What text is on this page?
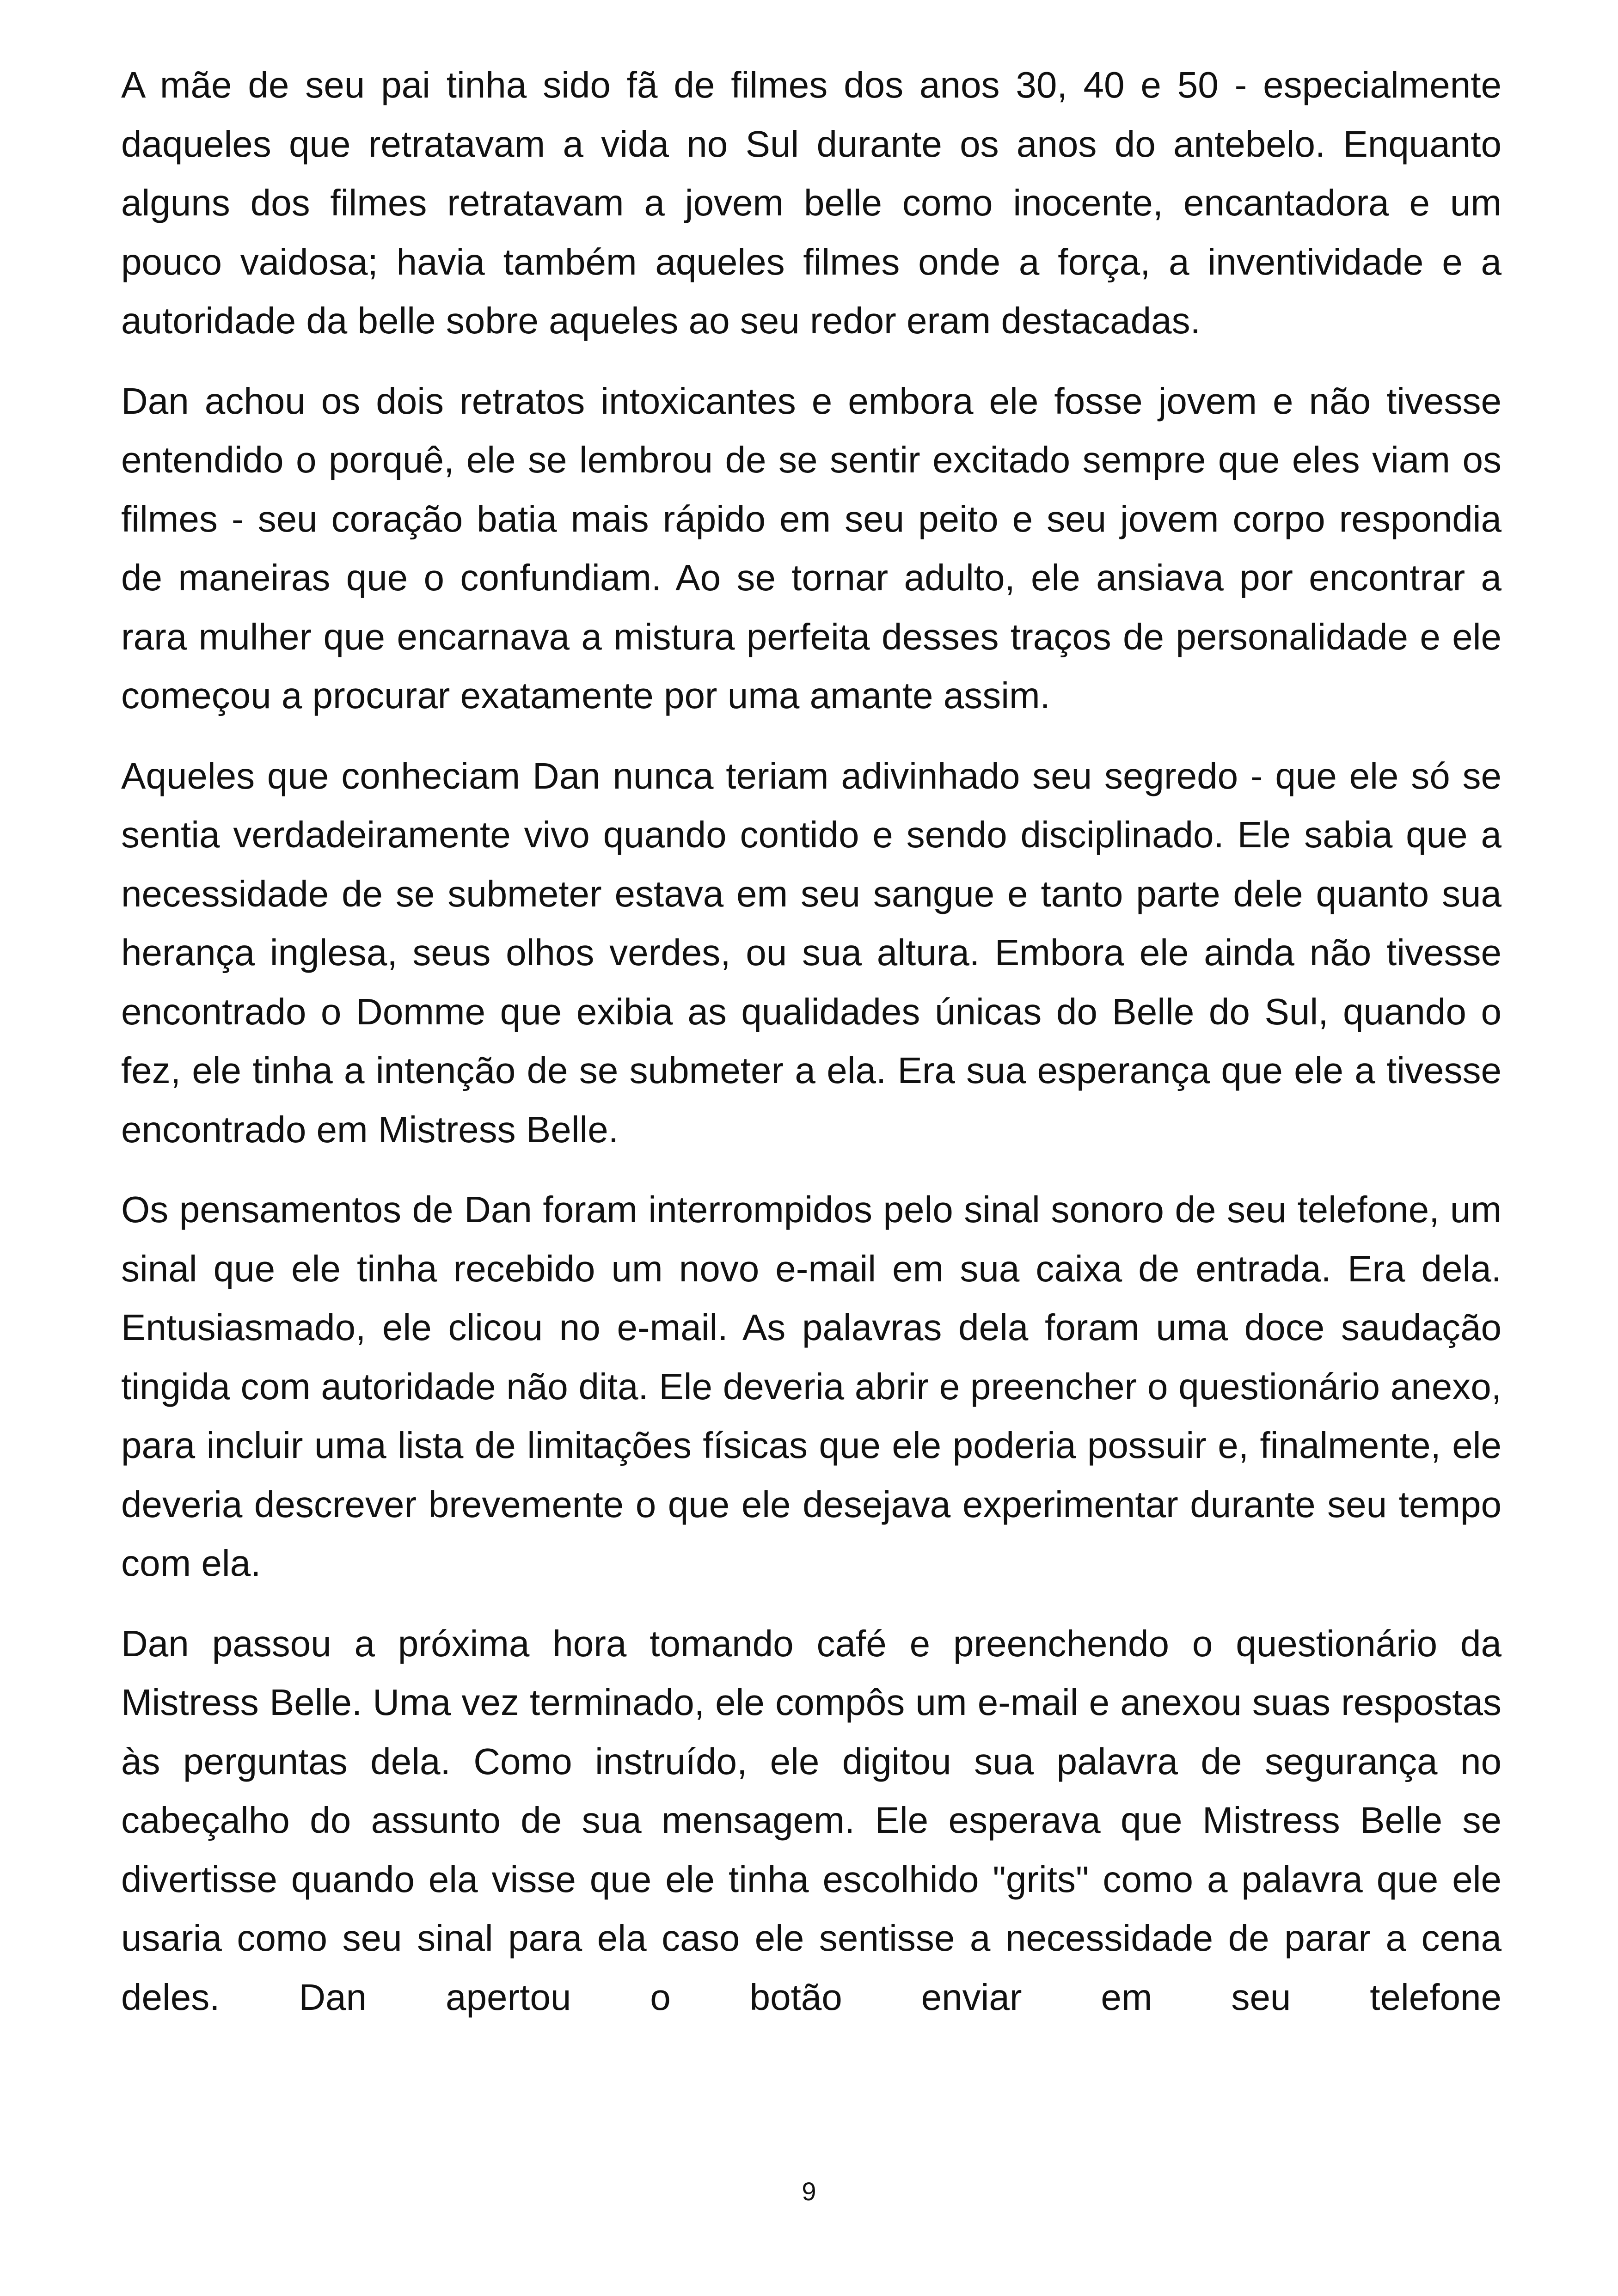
A mãe de seu pai tinha sido fã de filmes dos anos 30, 40 e 50 - especialmente daqueles que retratavam a vida no Sul durante os anos do antebelo. Enquanto alguns dos filmes retratavam a jovem belle como inocente, encantadora e um pouco vaidosa; havia também aqueles filmes onde a força, a inventividade e a autoridade da belle sobre aqueles ao seu redor eram destacadas.

Dan achou os dois retratos intoxicantes e embora ele fosse jovem e não tivesse entendido o porquê, ele se lembrou de se sentir excitado sempre que eles viam os filmes - seu coração batia mais rápido em seu peito e seu jovem corpo respondia de maneiras que o confundiam. Ao se tornar adulto, ele ansiava por encontrar a rara mulher que encarnava a mistura perfeita desses traços de personalidade e ele começou a procurar exatamente por uma amante assim.

Aqueles que conheciam Dan nunca teriam adivinhado seu segredo - que ele só se sentia verdadeiramente vivo quando contido e sendo disciplinado. Ele sabia que a necessidade de se submeter estava em seu sangue e tanto parte dele quanto sua herança inglesa, seus olhos verdes, ou sua altura. Embora ele ainda não tivesse encontrado o Domme que exibia as qualidades únicas do Belle do Sul, quando o fez, ele tinha a intenção de se submeter a ela. Era sua esperança que ele a tivesse encontrado em Mistress Belle.

Os pensamentos de Dan foram interrompidos pelo sinal sonoro de seu telefone, um sinal que ele tinha recebido um novo e-mail em sua caixa de entrada. Era dela. Entusiasmado, ele clicou no e-mail. As palavras dela foram uma doce saudação tingida com autoridade não dita. Ele deveria abrir e preencher o questionário anexo, para incluir uma lista de limitações físicas que ele poderia possuir e, finalmente, ele deveria descrever brevemente o que ele desejava experimentar durante seu tempo com ela.

Dan passou a próxima hora tomando café e preenchendo o questionário da Mistress Belle. Uma vez terminado, ele compôs um e-mail e anexou suas respostas às perguntas dela. Como instruído, ele digitou sua palavra de segurança no cabeçalho do assunto de sua mensagem. Ele esperava que Mistress Belle se divertisse quando ela visse que ele tinha escolhido "grits" como a palavra que ele usaria como seu sinal para ela caso ele sentisse a necessidade de parar a cena deles. Dan apertou o botão enviar em seu telefone

9
